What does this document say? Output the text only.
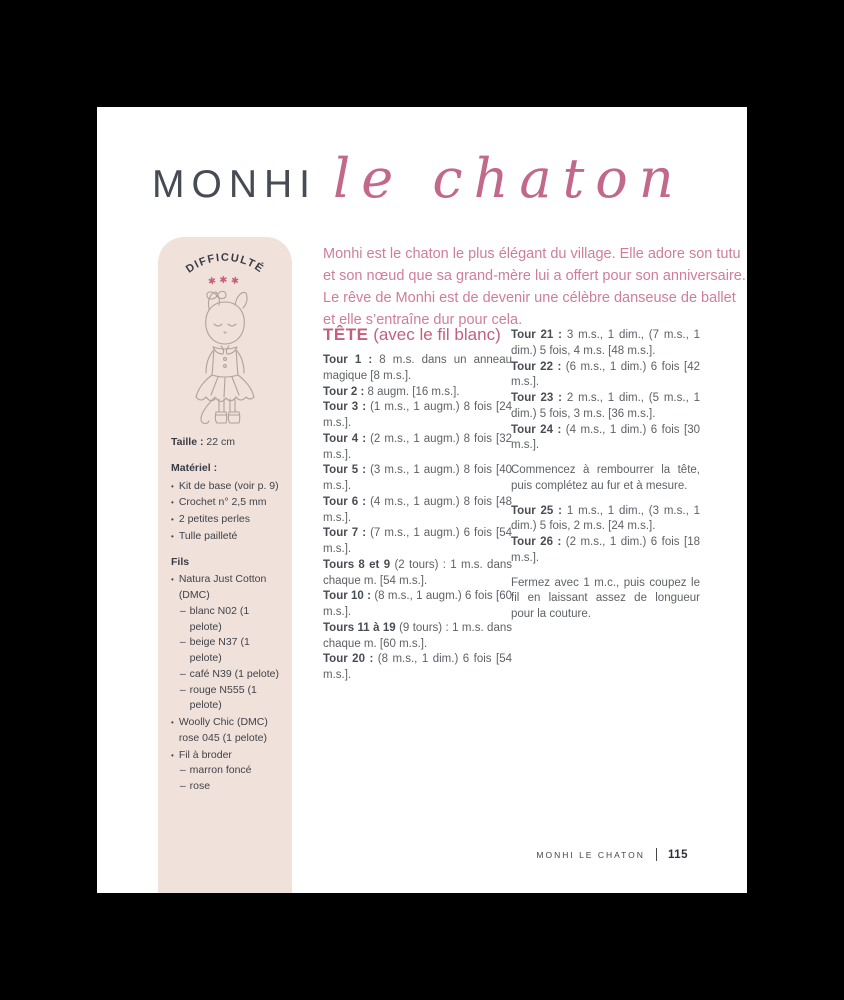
MONHI le chaton
DIFFICULTÉ
✱✱✱
Taille : 22 cm
Matériel :
• Kit de base (voir p. 9)
• Crochet n° 2,5 mm
• 2 petites perles
• Tulle pailleté
Fils
• Natura Just Cotton (DMC)
– blanc N02 (1 pelote)
– beige N37 (1 pelote)
– café N39 (1 pelote)
– rouge N555 (1 pelote)
• Woolly Chic (DMC) rose 045 (1 pelote)
• Fil à broder
– marron foncé
– rose

Monhi est le chaton le plus élégant du village. Elle adore son tutu et son nœud que sa grand-mère lui a offert pour son anniversaire. Le rêve de Monhi est de devenir une célèbre danseuse de ballet et elle s’entraîne dur pour cela.

TÊTE (avec le fil blanc)

Tour 1 : 8 m.s. dans un anneau magique [8 m.s.].

Tour 2 : 8 augm. [16 m.s.].

Tour 3 : (1 m.s., 1 augm.) 8 fois [24 m.s.].

Tour 4 : (2 m.s., 1 augm.) 8 fois [32 m.s.].

Tour 5 : (3 m.s., 1 augm.) 8 fois [40 m.s.].

Tour 6 : (4 m.s., 1 augm.) 8 fois [48 m.s.].

Tour 7 : (7 m.s., 1 augm.) 6 fois [54 m.s.].

Tours 8 et 9 (2 tours) : 1 m.s. dans chaque m. [54 m.s.].

Tour 10 : (8 m.s., 1 augm.) 6 fois [60 m.s.].

Tours 11 à 19 (9 tours) : 1 m.s. dans chaque m. [60 m.s.].

Tour 20 : (8 m.s., 1 dim.) 6 fois [54 m.s.].

Tour 21 : 3 m.s., 1 dim., (7 m.s., 1 dim.) 5 fois, 4 m.s. [48 m.s.].

Tour 22 : (6 m.s., 1 dim.) 6 fois [42 m.s.].

Tour 23 : 2 m.s., 1 dim., (5 m.s., 1 dim.) 5 fois, 3 m.s. [36 m.s.].

Tour 24 : (4 m.s., 1 dim.) 6 fois [30 m.s.].

Commencez à rembourrer la tête, puis complétez au fur et à mesure.

Tour 25 : 1 m.s., 1 dim., (3 m.s., 1 dim.) 5 fois, 2 m.s. [24 m.s.].

Tour 26 : (2 m.s., 1 dim.) 6 fois [18 m.s.].

Fermez avec 1 m.c., puis coupez le fil en laissant assez de longueur pour la couture.

MONHI LE CHATON 115
